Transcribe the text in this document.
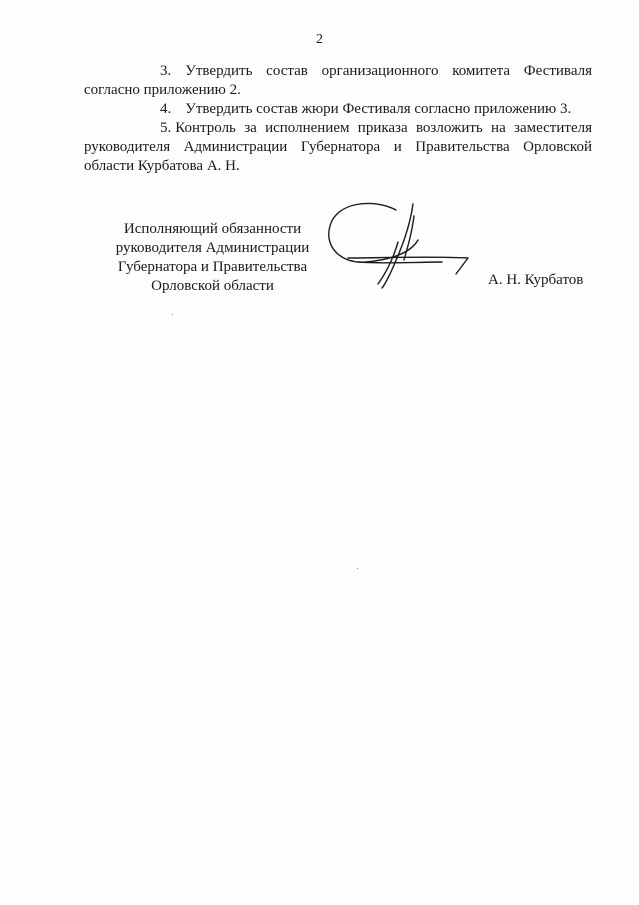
2

3. Утвердить состав организационного комитета Фестиваля согласно приложению 2.

4. Утвердить состав жюри Фестиваля согласно приложению 3.

5. Контроль за исполнением приказа возложить на заместителя руководителя Администрации Губернатора и Правительства Орловской области Курбатова А. Н.

Исполняющий обязанности
руководителя Администрации
Губернатора и Правительства
Орловской области	А. Н. Курбатов
